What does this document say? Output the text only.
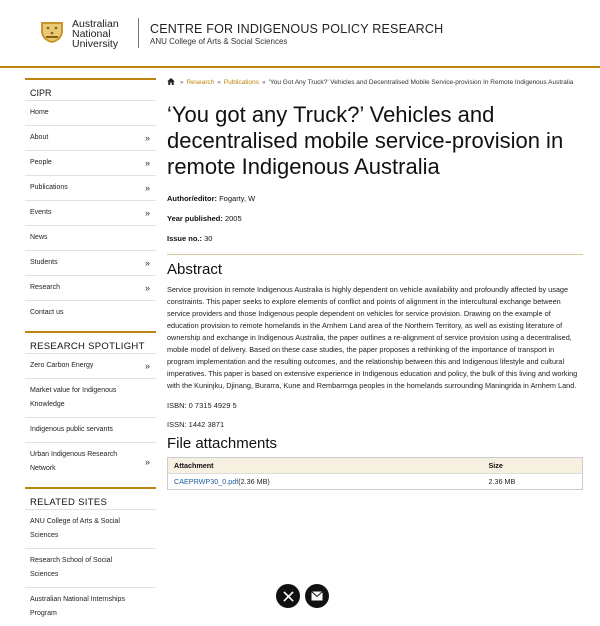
Australian
National
University
CENTRE FOR INDIGENOUS POLICY RESEARCH
ANU College of Arts & Social Sciences
CIPR
Home
About	»
People	»
Publications	»
Events	»
News
Students	»
Research	»
Contact us
RESEARCH SPOTLIGHT
Zero Carbon Energy	»
Market value for Indigenous Knowledge
Indigenous public servants
Urban Indigenous Research Network
»
RELATED SITES
ANU College of Arts & Social Sciences
Research School of Social Sciences
Australian National Internships Program
» Research » Publications » ‘You Got Any Truck?’ Vehicles and Decentralised Mobile Service-provision In Remote Indigenous Australia
‘You got any Truck?’ Vehicles and decentralised mobile service-provision in remote Indigenous Australia
Author/editor: Fogarty, W
Year published: 2005
Issue no.: 30
Abstract

Service provision in remote Indigenous Australia is highly dependent on vehicle availability and profoundly affected by usage constraints. This paper seeks to explore elements of conflict and points of alignment in the intercultural exchange between service providers and those Indigenous people dependent on vehicles for service provision. Drawing on the example of education provision to remote homelands in the Arnhem Land area of the Northern Territory, as well as existing literature of ownership and exchange in Indigenous Australia, the paper outlines a re-alignment of service provision using a decentralised, mobile model of delivery. Based on these case studies, the paper proposes a rethinking of the importance of transport in program implementation and the resulting outcomes, and the relationship between this and Indigenous lifestyle and cultural imperatives. This paper is based on extensive experience in Indigenous education and policy, the bulk of this living and working with the Kuninjku, Djinang, Burarra, Kune and Rembarrnga peoples in the homelands surrounding Maningrida in Arnhem Land.

ISBN: 0 7315 4929 5

ISSN: 1442 3871

File attachments
Attachment	Size
CAEPRWP30_0.pdf(2.36 MB)	2.36 MB
